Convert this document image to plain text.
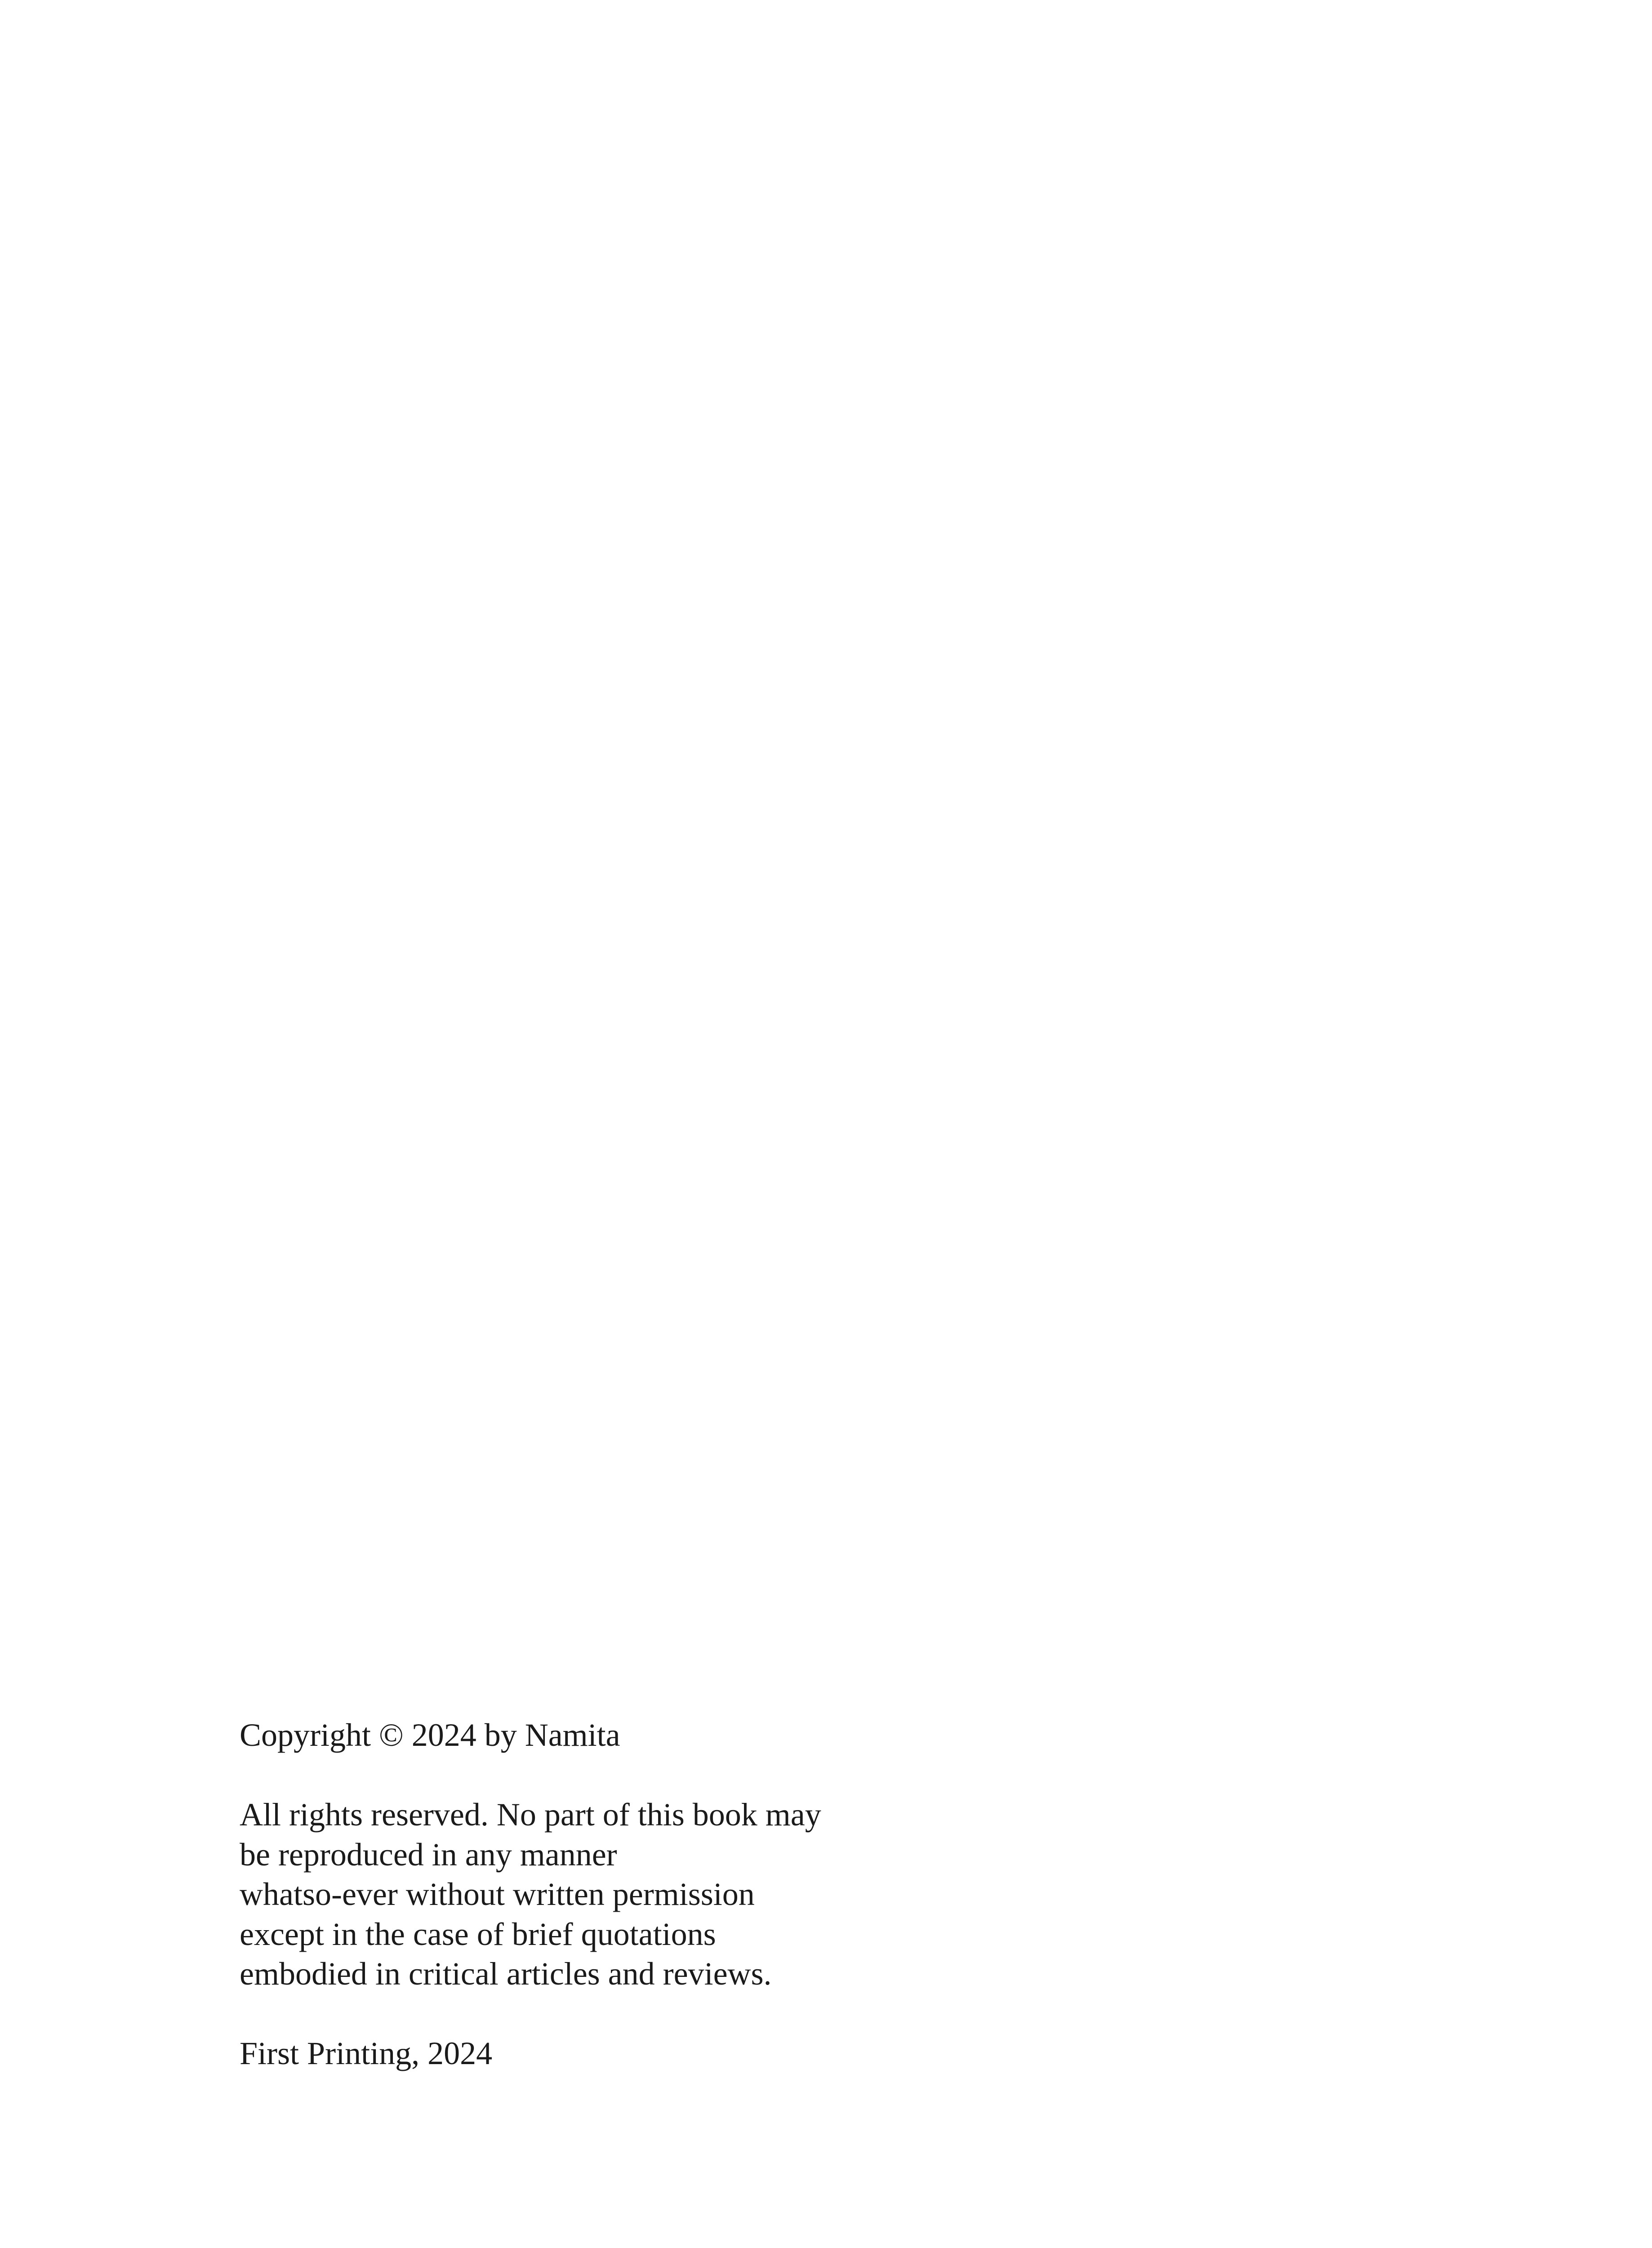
Copyright © 2024 by Namita
All rights reserved. No part of this book may
be reproduced in any manner
whatso-ever without written permission
except in the case of brief quotations
embodied in critical articles and reviews.
First Printing, 2024
